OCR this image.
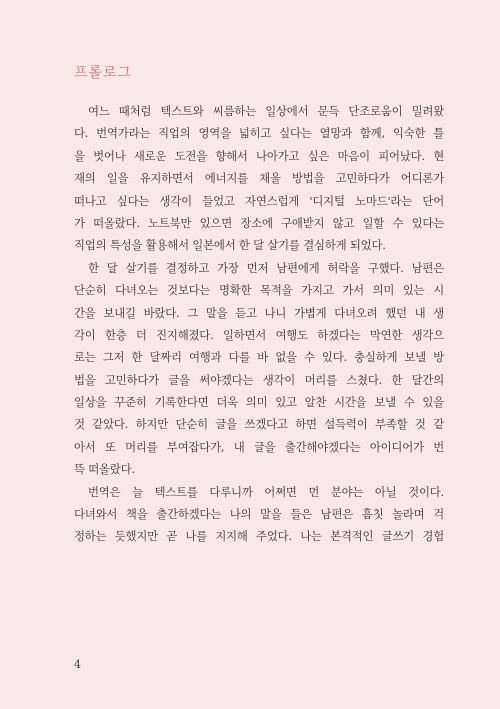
프롤로그
여느 때처럼 텍스트와 씨름하는 일상에서 문득 단조로움이 밀려왔
다. 번역가라는 직업의 영역을 넓히고 싶다는 열망과 함께, 익숙한 틀
을 벗어나 새로운 도전을 향해서 나아가고 싶은 마음이 피어났다. 현
재의 일을 유지하면서 에너지를 채울 방법을 고민하다가 어디론가
떠나고 싶다는 생각이 들었고 자연스럽게 '디지털 노마드'라는 단어
가 떠올랐다. 노트북만 있으면 장소에 구애받지 않고 일할 수 있다는
직업의 특성을 활용해서 일본에서 한 달 살기를 결심하게 되었다.
한 달 살기를 결정하고 가장 먼저 남편에게 허락을 구했다. 남편은
단순히 다녀오는 것보다는 명확한 목적을 가지고 가서 의미 있는 시
간을 보내길 바랐다. 그 말을 듣고 나니 가볍게 다녀오려 했던 내 생
각이 한층 더 진지해졌다. 일하면서 여행도 하겠다는 막연한 생각으
로는 그저 한 달짜리 여행과 다를 바 없을 수 있다. 충실하게 보낼 방
법을 고민하다가 글을 써야겠다는 생각이 머리를 스쳤다. 한 달간의
일상을 꾸준히 기록한다면 더욱 의미 있고 알찬 시간을 보낼 수 있을
것 같았다. 하지만 단순히 글을 쓰겠다고 하면 설득력이 부족할 것 같
아서 또 머리를 부여잡다가, 내 글을 출간해야겠다는 아이디어가 번
뜩 떠올랐다.
번역은 늘 텍스트를 다루니까 어쩌면 먼 분야는 아닐 것이다.
다녀와서 책을 출간하겠다는 나의 말을 들은 남편은 흠칫 놀라며 걱
정하는 듯했지만 곧 나를 지지해 주었다. 나는 본격적인 글쓰기 경험
4
